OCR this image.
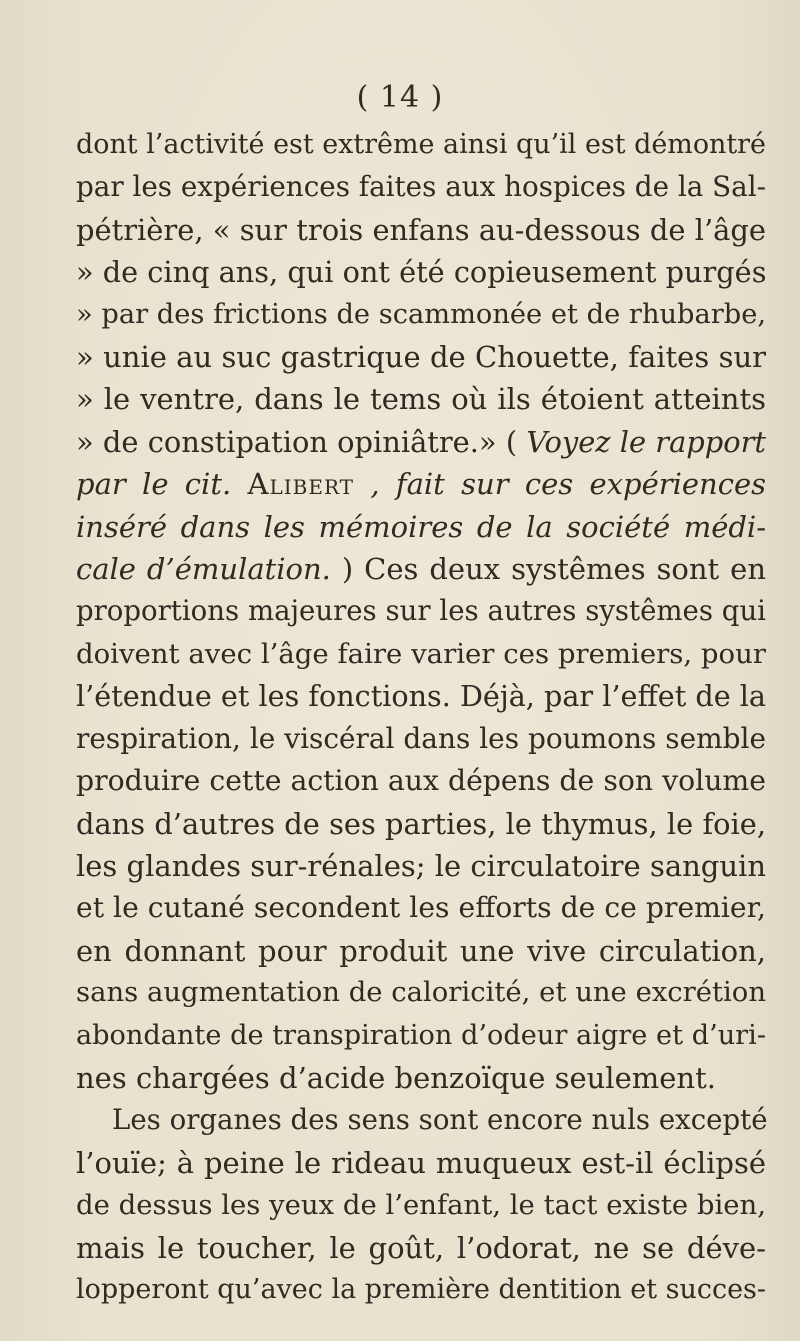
( 14 )
dont l’activité est extrême ainsi qu’il est démontré
par les expériences faites aux hospices de la Sal-
pétrière, « sur trois enfans au-dessous de l’âge
» de cinq ans, qui ont été copieusement purgés
» par des frictions de scammonée et de rhubarbe,
» unie au suc gastrique de Chouette, faites sur
» le ventre, dans le tems où ils étoient atteints
» de constipation opiniâtre.» ( Voyez le rapport
par le cit. Alibert , fait sur ces expériences
inséré dans les mémoires de la société médi-
cale d’émulation. ) Ces deux systêmes sont en
proportions majeures sur les autres systêmes qui
doivent avec l’âge faire varier ces premiers, pour
l’étendue et les fonctions. Déjà, par l’effet de la
respiration, le viscéral dans les poumons semble
produire cette action aux dépens de son volume
dans d’autres de ses parties, le thymus, le foie,
les glandes sur-rénales; le circulatoire sanguin
et le cutané secondent les efforts de ce premier,
en donnant pour produit une vive circulation,
sans augmentation de caloricité, et une excrétion
abondante de transpiration d’odeur aigre et d’uri-
nes chargées d’acide benzoïque seulement.
Les organes des sens sont encore nuls excepté
l’ouïe; à peine le rideau muqueux est-il éclipsé
de dessus les yeux de l’enfant, le tact existe bien,
mais le toucher, le goût, l’odorat, ne se déve-
lopperont qu’avec la première dentition et succes-
